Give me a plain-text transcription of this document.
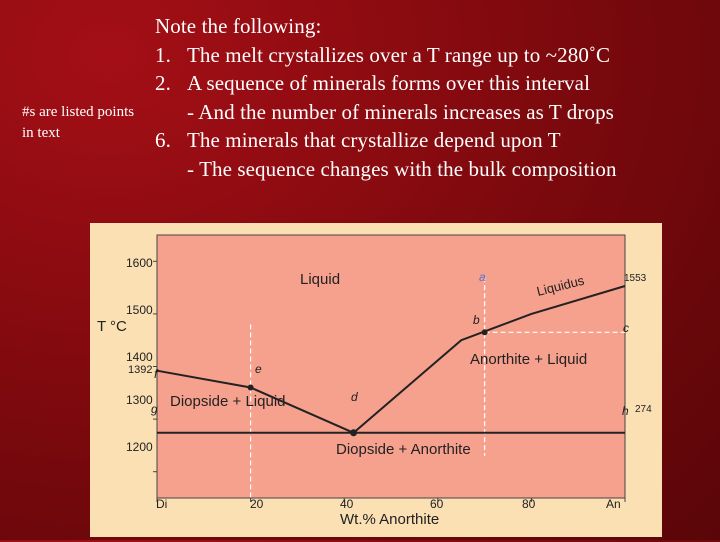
#s are listed points in text
Note the following:
1. The melt crystallizes over a T range up to ~280˚C
2. A sequence of minerals forms over this interval
- And the number of minerals increases as T drops
6. The minerals that crystallize depend upon T
- The sequence changes with the bulk composition
1600
1500
1400
1300
1200
1392
T °C
Wt.% Anorthite
Di	20	40	60	80	An
Liquid	Liquidus
Anorthite + Liquid
Diopside + Liquid
Diopside + Anorthite
1553
274
a
b
c
d
e
f
g	h
